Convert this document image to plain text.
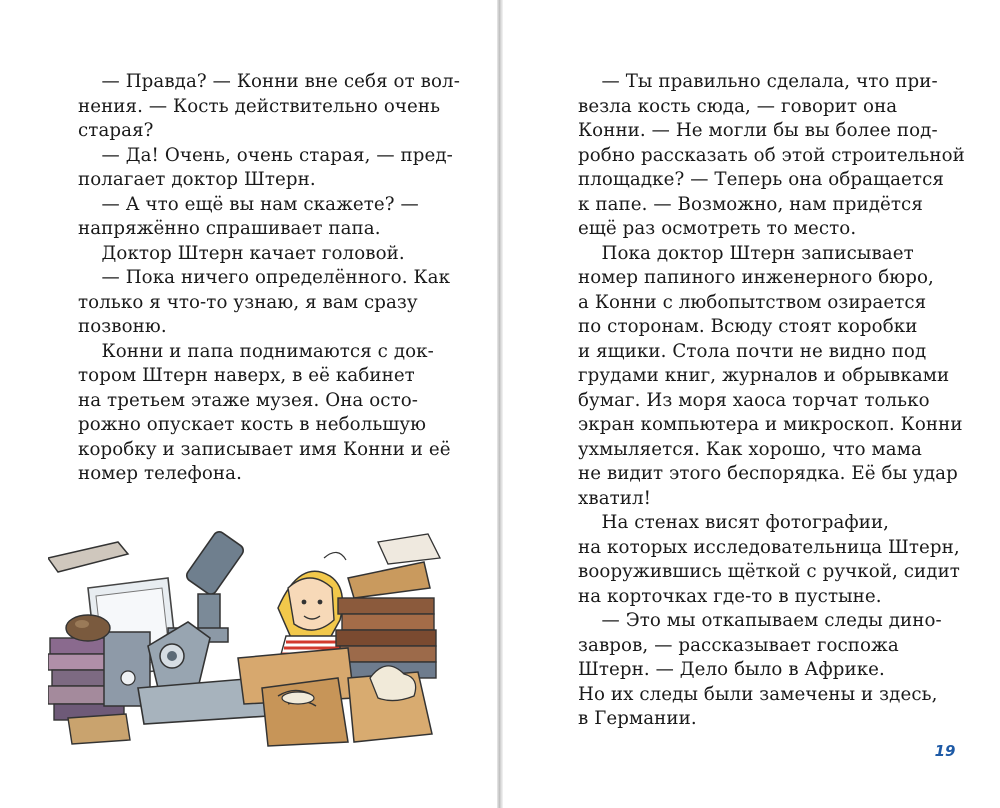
— Правда? — Конни вне себя от вол-
нения. — Кость действительно очень
старая?
— Да! Очень, очень старая, — пред-
полагает доктор Штерн.
— А что ещё вы нам скажете? —
напряжённо спрашивает папа.
Доктор Штерн качает головой.
— Пока ничего определённого. Как
только я что-то узнаю, я вам сразу
позвоню.
Конни и папа поднимаются с док-
тором Штерн наверх, в её кабинет
на третьем этаже музея. Она осто-
рожно опускает кость в небольшую
коробку и записывает имя Конни и её
номер телефона.
— Ты правильно сделала, что при-
везла кость сюда, — говорит она
Конни. — Не могли бы вы более под-
робно рассказать об этой строительной
площадке? — Теперь она обращается
к папе. — Возможно, нам придётся
ещё раз осмотреть то место.
Пока доктор Штерн записывает
номер папиного инженерного бюро,
а Конни с любопытством озирается
по сторонам. Всюду стоят коробки
и ящики. Стола почти не видно под
грудами книг, журналов и обрывками
бумаг. Из моря хаоса торчат только
экран компьютера и микроскоп. Конни
ухмыляется. Как хорошо, что мама
не видит этого беспорядка. Её бы удар
хватил!
На стенах висят фотографии,
на которых исследовательница Штерн,
вооружившись щёткой с ручкой, сидит
на корточках где-то в пустыне.
— Это мы откапываем следы дино-
завров, — рассказывает госпожа
Штерн. — Дело было в Африке.
Но их следы были замечены и здесь,
в Германии.
19
